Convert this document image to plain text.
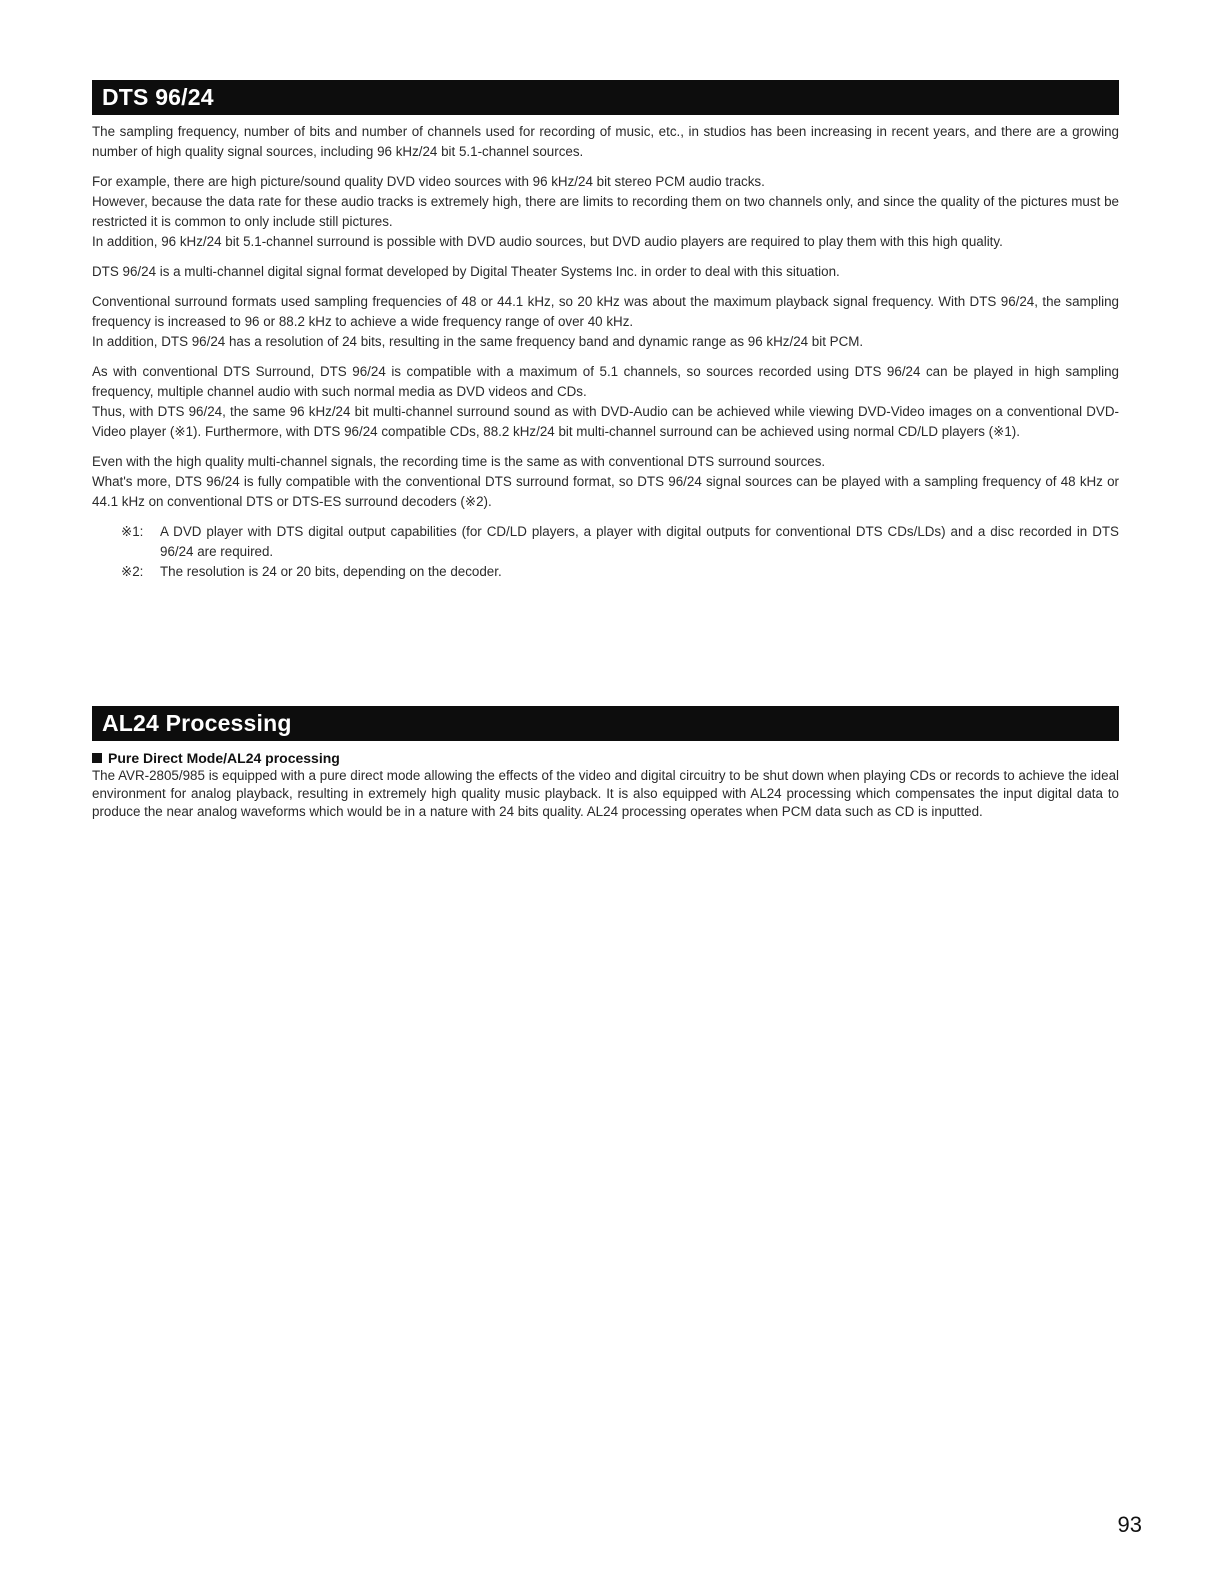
DTS 96/24

The sampling frequency, number of bits and number of channels used for recording of music, etc., in studios has been increasing in recent years, and there are a growing number of high quality signal sources, including 96 kHz/24 bit 5.1-channel sources.

For example, there are high picture/sound quality DVD video sources with 96 kHz/24 bit stereo PCM audio tracks.
However, because the data rate for these audio tracks is extremely high, there are limits to recording them on two channels only, and since the quality of the pictures must be restricted it is common to only include still pictures.
In addition, 96 kHz/24 bit 5.1-channel surround is possible with DVD audio sources, but DVD audio players are required to play them with this high quality.

DTS 96/24 is a multi-channel digital signal format developed by Digital Theater Systems Inc. in order to deal with this situation.

Conventional surround formats used sampling frequencies of 48 or 44.1 kHz, so 20 kHz was about the maximum playback signal frequency. With DTS 96/24, the sampling frequency is increased to 96 or 88.2 kHz to achieve a wide frequency range of over 40 kHz.
In addition, DTS 96/24 has a resolution of 24 bits, resulting in the same frequency band and dynamic range as 96 kHz/24 bit PCM.

As with conventional DTS Surround, DTS 96/24 is compatible with a maximum of 5.1 channels, so sources recorded using DTS 96/24 can be played in high sampling frequency, multiple channel audio with such normal media as DVD videos and CDs.
Thus, with DTS 96/24, the same 96 kHz/24 bit multi-channel surround sound as with DVD-Audio can be achieved while viewing DVD-Video images on a conventional DVD-Video player (※1). Furthermore, with DTS 96/24 compatible CDs, 88.2 kHz/24 bit multi-channel surround can be achieved using normal CD/LD players (※1).

Even with the high quality multi-channel signals, the recording time is the same as with conventional DTS surround sources.
What's more, DTS 96/24 is fully compatible with the conventional DTS surround format, so DTS 96/24 signal sources can be played with a sampling frequency of 48 kHz or 44.1 kHz on conventional DTS or DTS-ES surround decoders (※2).

※1:	A DVD player with DTS digital output capabilities (for CD/LD players, a player with digital outputs for conventional DTS CDs/LDs) and a disc recorded in DTS 96/24 are required.
※2:	The resolution is 24 or 20 bits, depending on the decoder.
AL24 Processing
Pure Direct Mode/AL24 processing
The AVR-2805/985 is equipped with a pure direct mode allowing the effects of the video and digital circuitry to be shut down when playing CDs or records to achieve the ideal environment for analog playback, resulting in extremely high quality music playback. It is also equipped with AL24 processing which compensates the input digital data to produce the near analog waveforms which would be in a nature with 24 bits quality. AL24 processing operates when PCM data such as CD is inputted.
93
